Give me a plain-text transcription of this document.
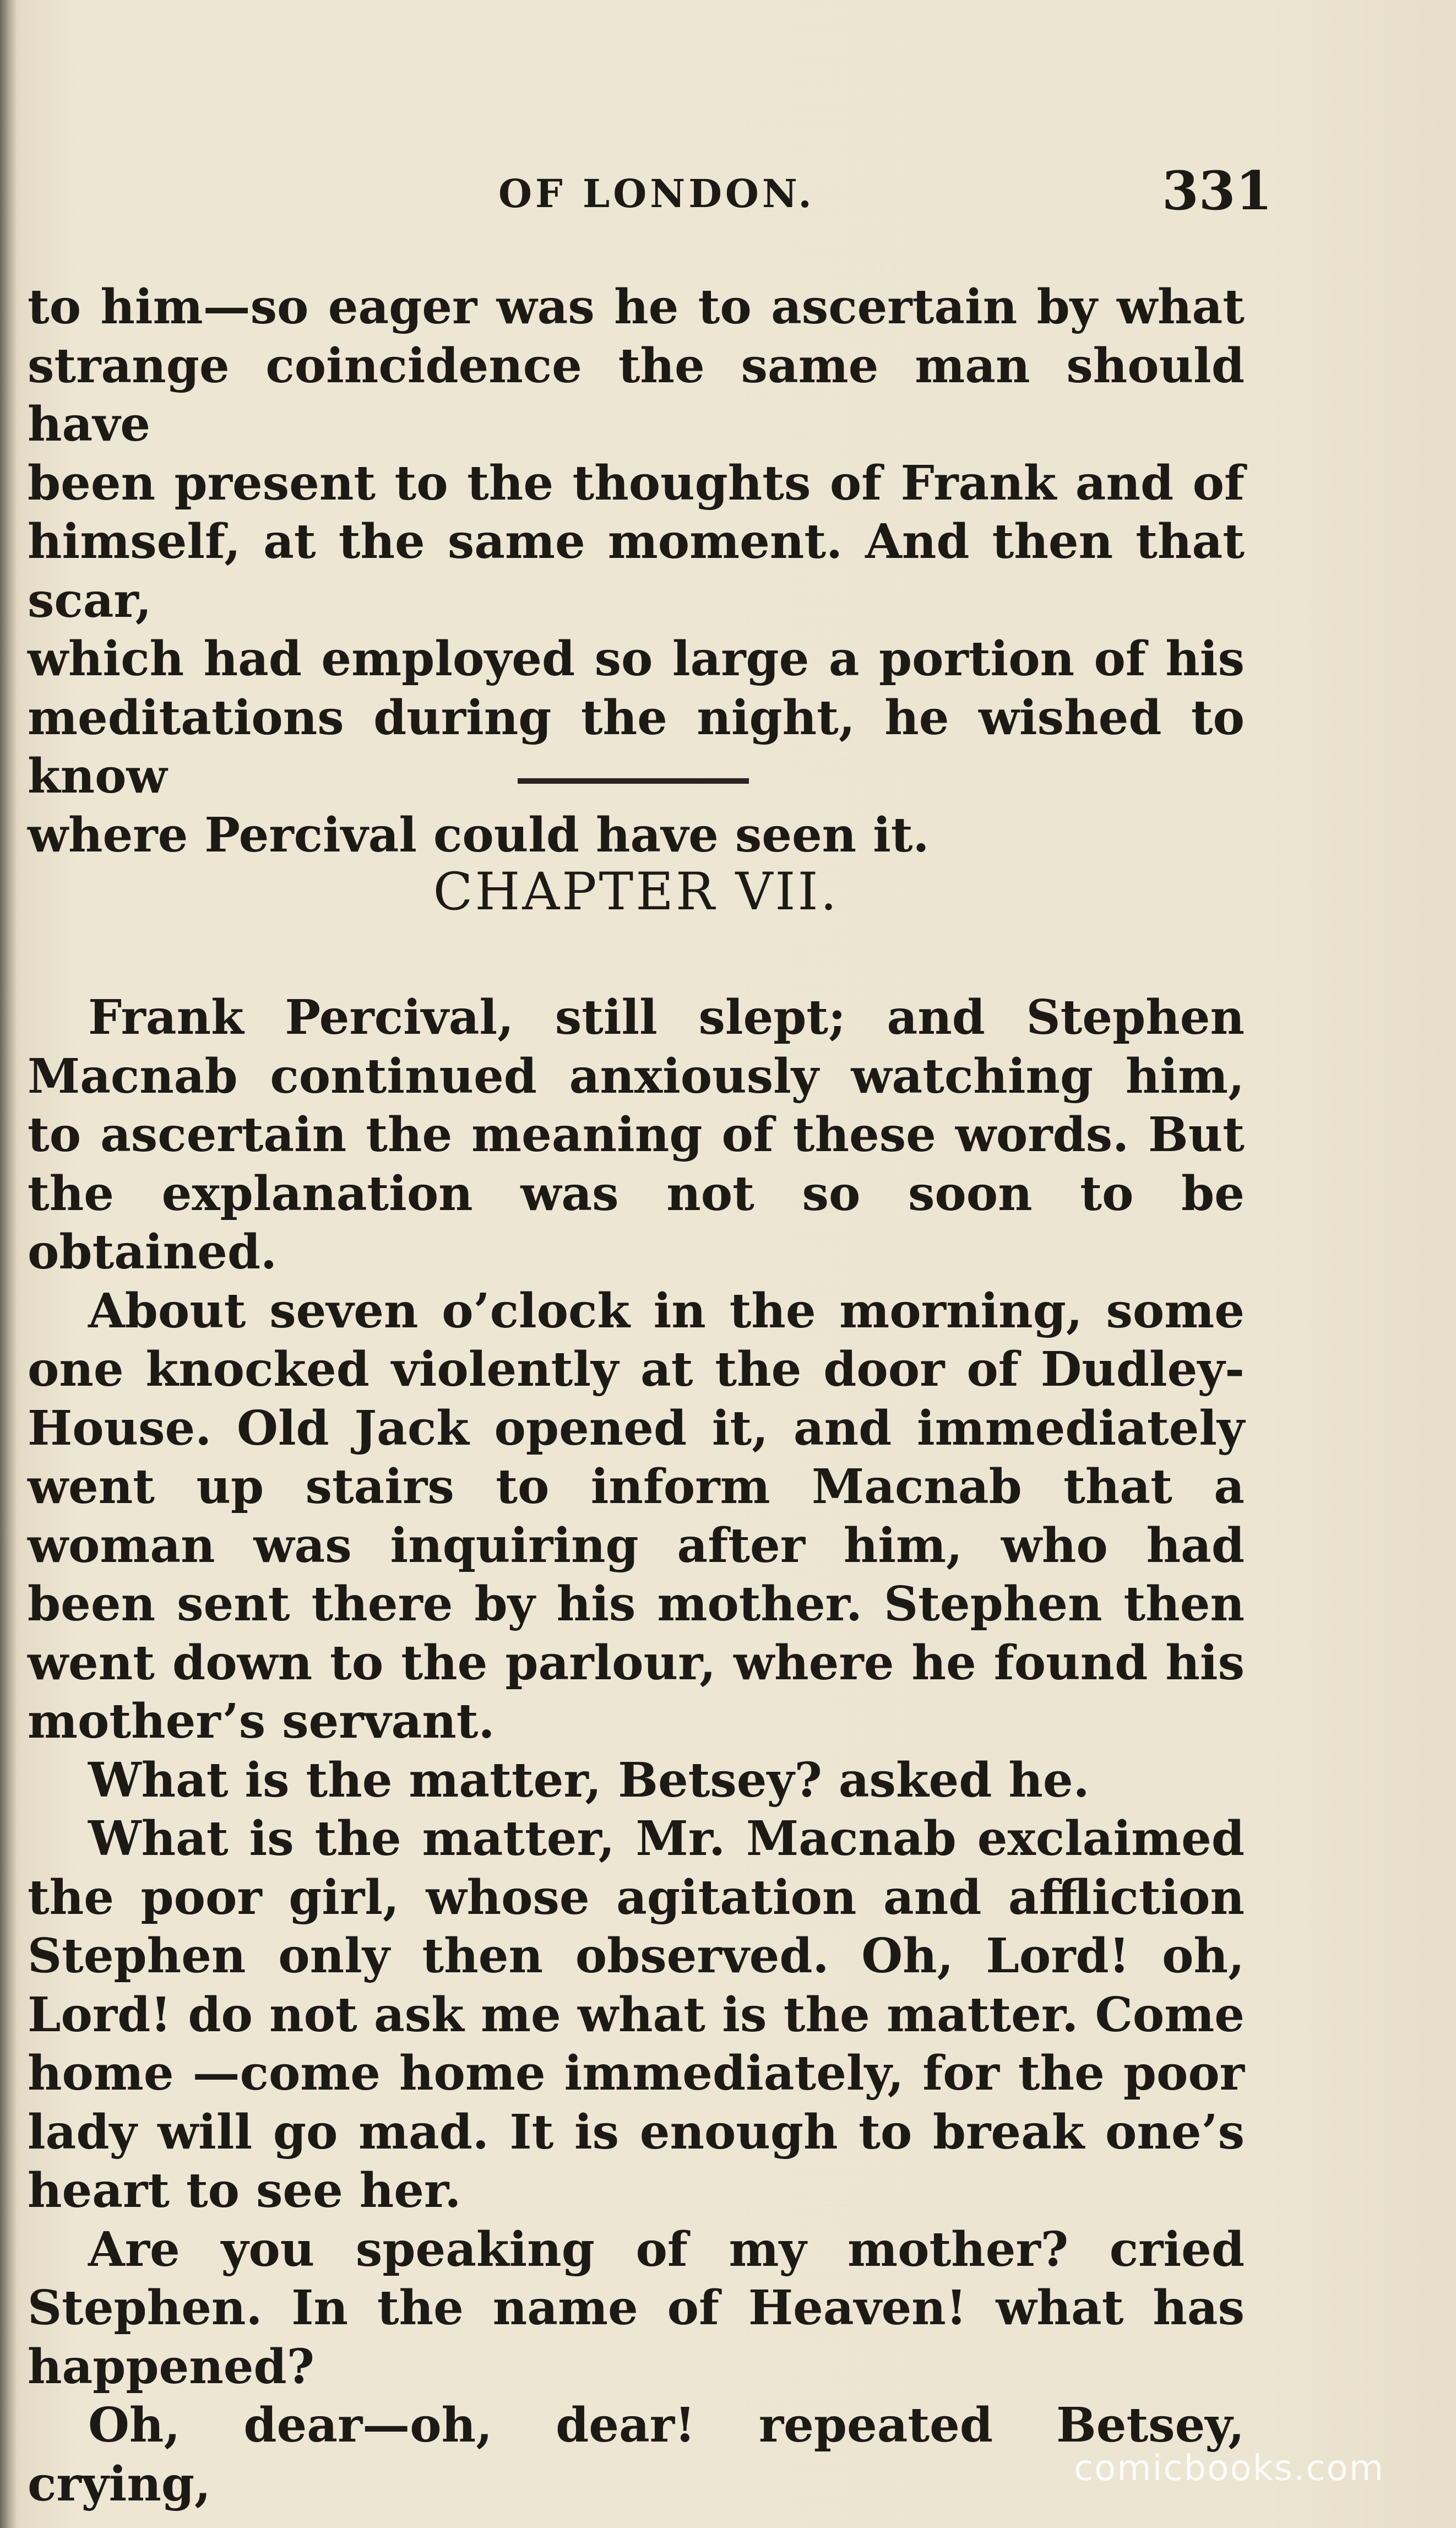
OF LONDON.	331

to him—so eager was he to ascertain by what

strange coincidence the same man should have

been present to the thoughts of Frank and of

himself, at the same moment. And then that scar,

which had employed so large a portion of his

meditations during the night, he wished to know

where Percival could have seen it.

CHAPTER VII.

Frank Percival, still slept; and Stephen Macnab continued anxiously watching him, to ascertain the meaning of these words. But the explanation was not so soon to be obtained.

About seven o’clock in the morning, some one knocked violently at the door of Dudley-House. Old Jack opened it, and immediately went up stairs to inform Macnab that a woman was inquiring after him, who had been sent there by his mother. Stephen then went down to the parlour, where he found his mother’s servant.

What is the matter, Betsey? asked he.

What is the matter, Mr. Macnab exclaimed the poor girl, whose agitation and affliction Stephen only then observed. Oh, Lord! oh, Lord! do not ask me what is the matter. Come home —come home immediately, for the poor lady will go mad. It is enough to break one’s heart to see her.

Are you speaking of my mother? cried Stephen. In the name of Heaven! what has happened?

Oh, dear—oh, dear! repeated Betsey, crying,	comicbooks.com
